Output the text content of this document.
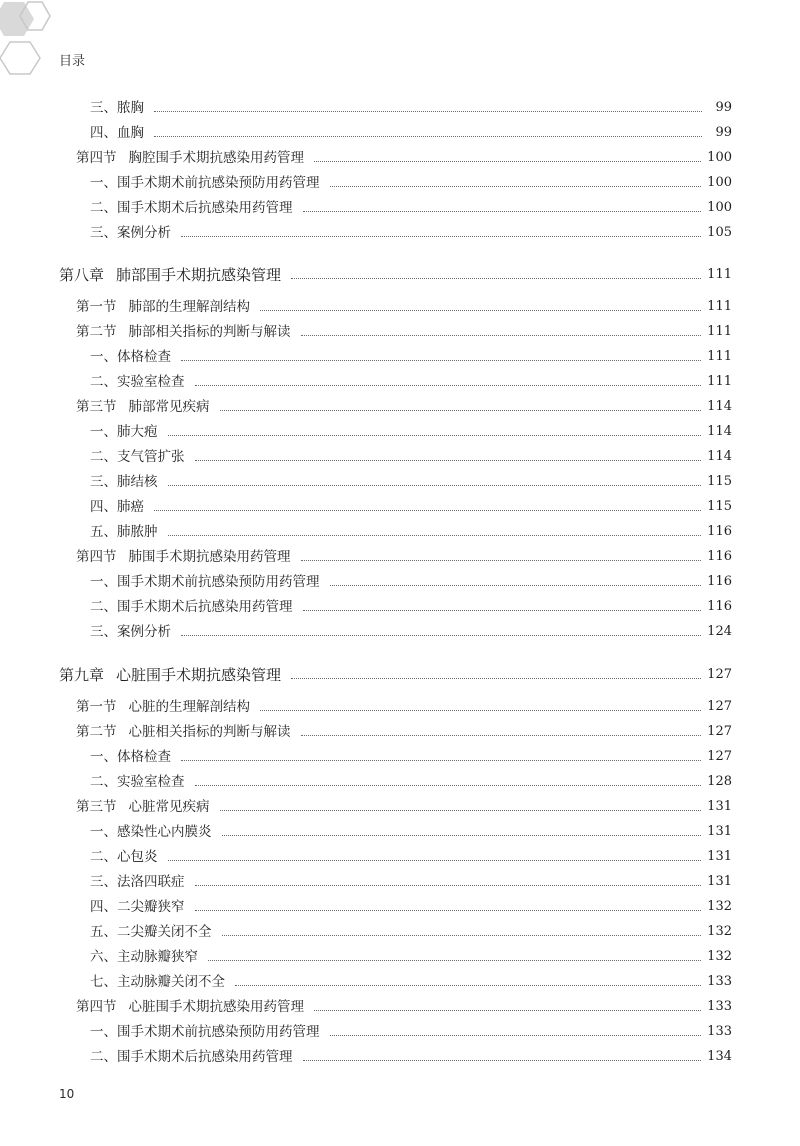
目录
三、脓胸	99
四、血胸	99
第四节 胸腔围手术期抗感染用药管理	100
一、围手术期术前抗感染预防用药管理	100
二、围手术期术后抗感染用药管理	100
三、案例分析	105
第八章 肺部围手术期抗感染管理	111
第一节 肺部的生理解剖结构	111
第二节 肺部相关指标的判断与解读	111
一、体格检查	111
二、实验室检查	111
第三节 肺部常见疾病	114
一、肺大疱	114
二、支气管扩张	114
三、肺结核	115
四、肺癌	115
五、肺脓肿	116
第四节 肺围手术期抗感染用药管理	116
一、围手术期术前抗感染预防用药管理	116
二、围手术期术后抗感染用药管理	116
三、案例分析	124
第九章 心脏围手术期抗感染管理	127
第一节 心脏的生理解剖结构	127
第二节 心脏相关指标的判断与解读	127
一、体格检查	127
二、实验室检查	128
第三节 心脏常见疾病	131
一、感染性心内膜炎	131
二、心包炎	131
三、法洛四联症	131
四、二尖瓣狭窄	132
五、二尖瓣关闭不全	132
六、主动脉瓣狭窄	132
七、主动脉瓣关闭不全	133
第四节 心脏围手术期抗感染用药管理	133
一、围手术期术前抗感染预防用药管理	133
二、围手术期术后抗感染用药管理	134
10
